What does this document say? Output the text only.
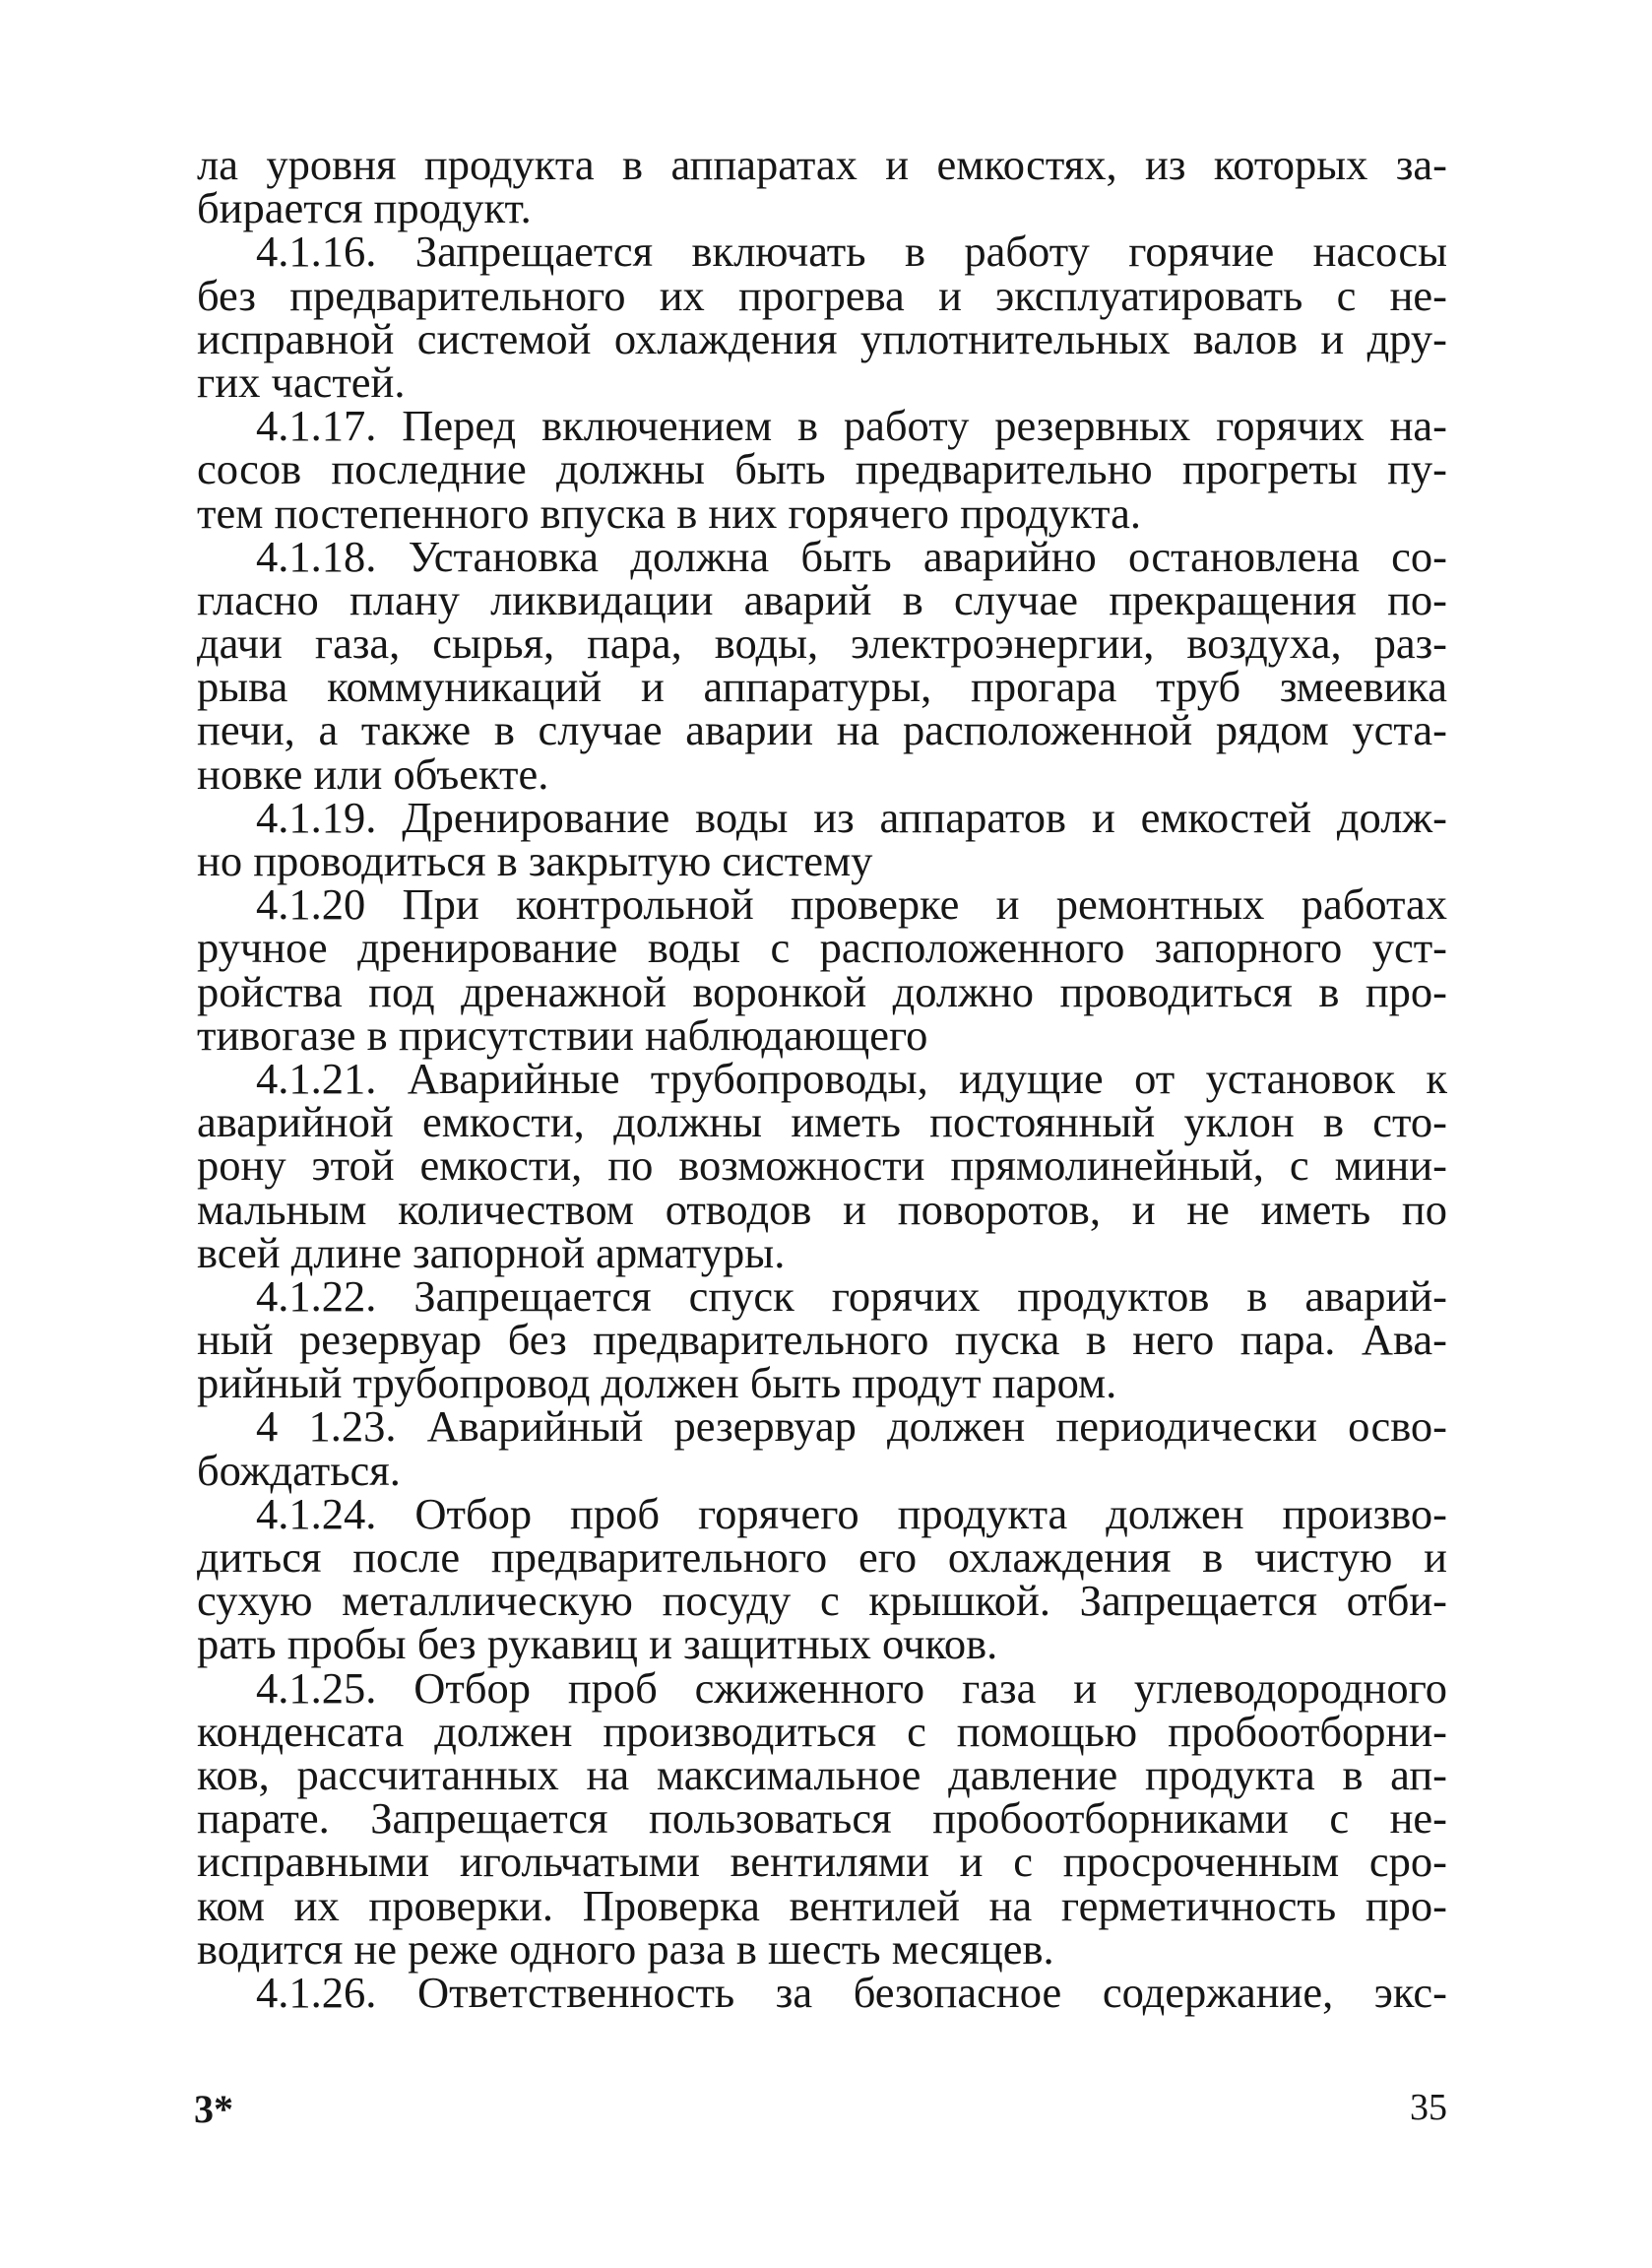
ла уровня продукта в аппаратах и емкостях, из которых за-
бирается продукт.
4.1.16. Запрещается включать в работу горячие насосы
без предварительного их прогрева и эксплуатировать с не-
исправной системой охлаждения уплотнительных валов и дру-
гих частей.
4.1.17. Перед включением в работу резервных горячих на-
сосов последние должны быть предварительно прогреты пу-
тем постепенного впуска в них горячего продукта.
4.1.18. Установка должна быть аварийно остановлена со-
гласно плану ликвидации аварий в случае прекращения по-
дачи газа, сырья, пара, воды, электроэнергии, воздуха, раз-
рыва коммуникаций и аппаратуры, прогара труб змеевика
печи, а также в случае аварии на расположенной рядом уста-
новке или объекте.
4.1.19. Дренирование воды из аппаратов и емкостей долж-
но проводиться в закрытую систему
4.1.20 При контрольной проверке и ремонтных работах
ручное дренирование воды с расположенного запорного уст-
ройства под дренажной воронкой должно проводиться в про-
тивогазе в присутствии наблюдающего
4.1.21. Аварийные трубопроводы, идущие от установок к
аварийной емкости, должны иметь постоянный уклон в сто-
рону этой емкости, по возможности прямолинейный, с мини-
мальным количеством отводов и поворотов, и не иметь по
всей длине запорной арматуры.
4.1.22. Запрещается спуск горячих продуктов в аварий-
ный резервуар без предварительного пуска в него пара. Ава-
рийный трубопровод должен быть продут паром.
4 1.23. Аварийный резервуар должен периодически осво-
бождаться.
4.1.24. Отбор проб горячего продукта должен произво-
диться после предварительного его охлаждения в чистую и
сухую металлическую посуду с крышкой. Запрещается отби-
рать пробы без рукавиц и защитных очков.
4.1.25. Отбор проб сжиженного газа и углеводородного
конденсата должен производиться с помощью пробоотборни-
ков, рассчитанных на максимальное давление продукта в ап-
парате. Запрещается пользоваться пробоотборниками с не-
исправными игольчатыми вентилями и с просроченным сро-
ком их проверки. Проверка вентилей на герметичность про-
водится не реже одного раза в шесть месяцев.
4.1.26. Ответственность за безопасное содержание, экс-
3*	35
